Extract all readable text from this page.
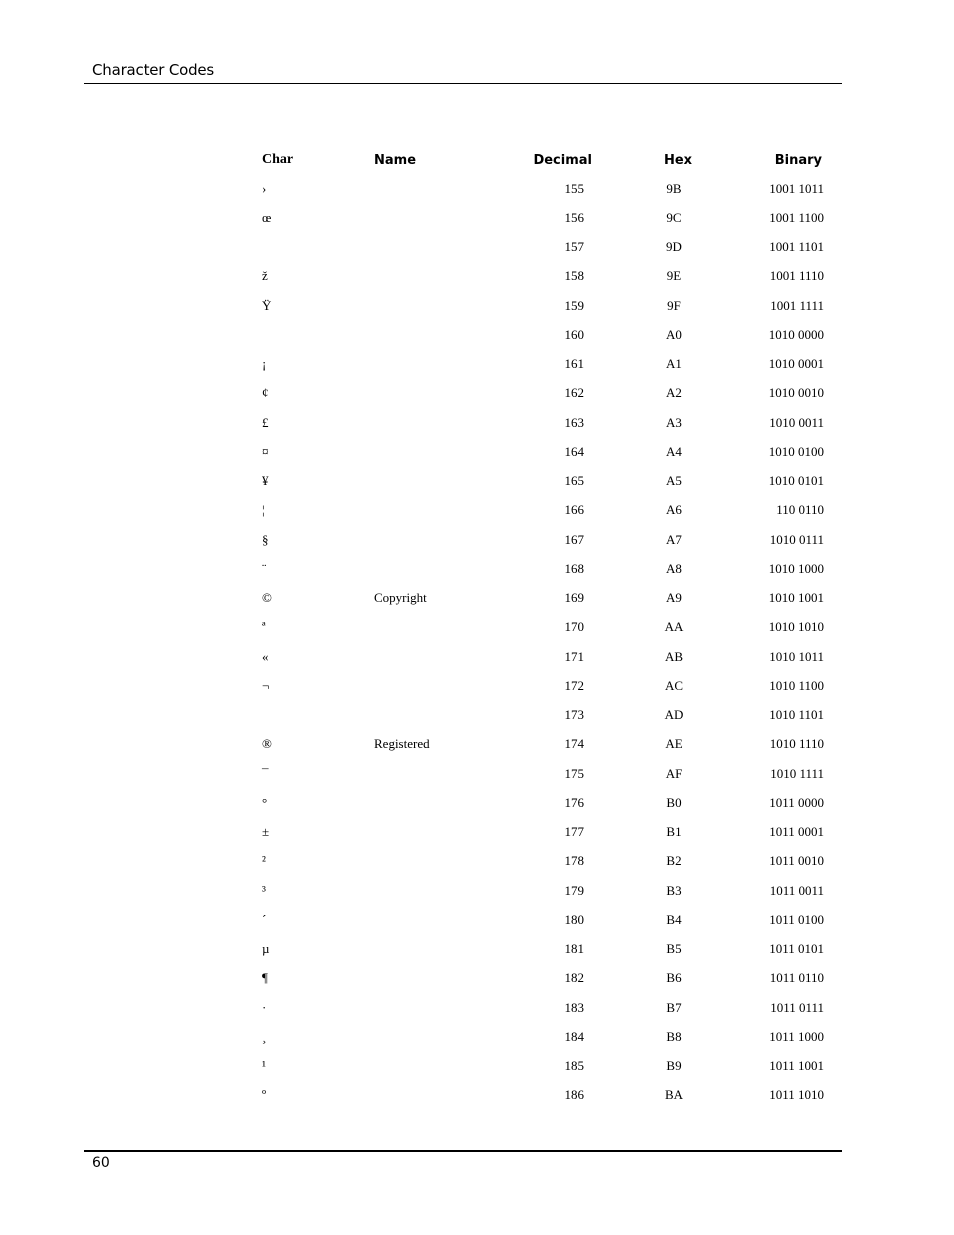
Character Codes
Char	Name	Decimal	Hex	Binary
›		155	9B	1001 1011
œ		156	9C	1001 1100
		157	9D	1001 1101
ž		158	9E	1001 1110
Ÿ		159	9F	1001 1111
		160	A0	1010 0000
¡		161	A1	1010 0001
¢		162	A2	1010 0010
£		163	A3	1010 0011
¤		164	A4	1010 0100
¥		165	A5	1010 0101
¦		166	A6	110 0110
§		167	A7	1010 0111
¨		168	A8	1010 1000
©	Copyright	169	A9	1010 1001
ª		170	AA	1010 1010
«		171	AB	1010 1011
¬		172	AC	1010 1100
		173	AD	1010 1101
®	Registered	174	AE	1010 1110
¯		175	AF	1010 1111
°		176	B0	1011 0000
±		177	B1	1011 0001
²		178	B2	1011 0010
³		179	B3	1011 0011
´		180	B4	1011 0100
µ		181	B5	1011 0101
¶		182	B6	1011 0110
·		183	B7	1011 0111
¸		184	B8	1011 1000
¹		185	B9	1011 1001
º		186	BA	1011 1010
60
